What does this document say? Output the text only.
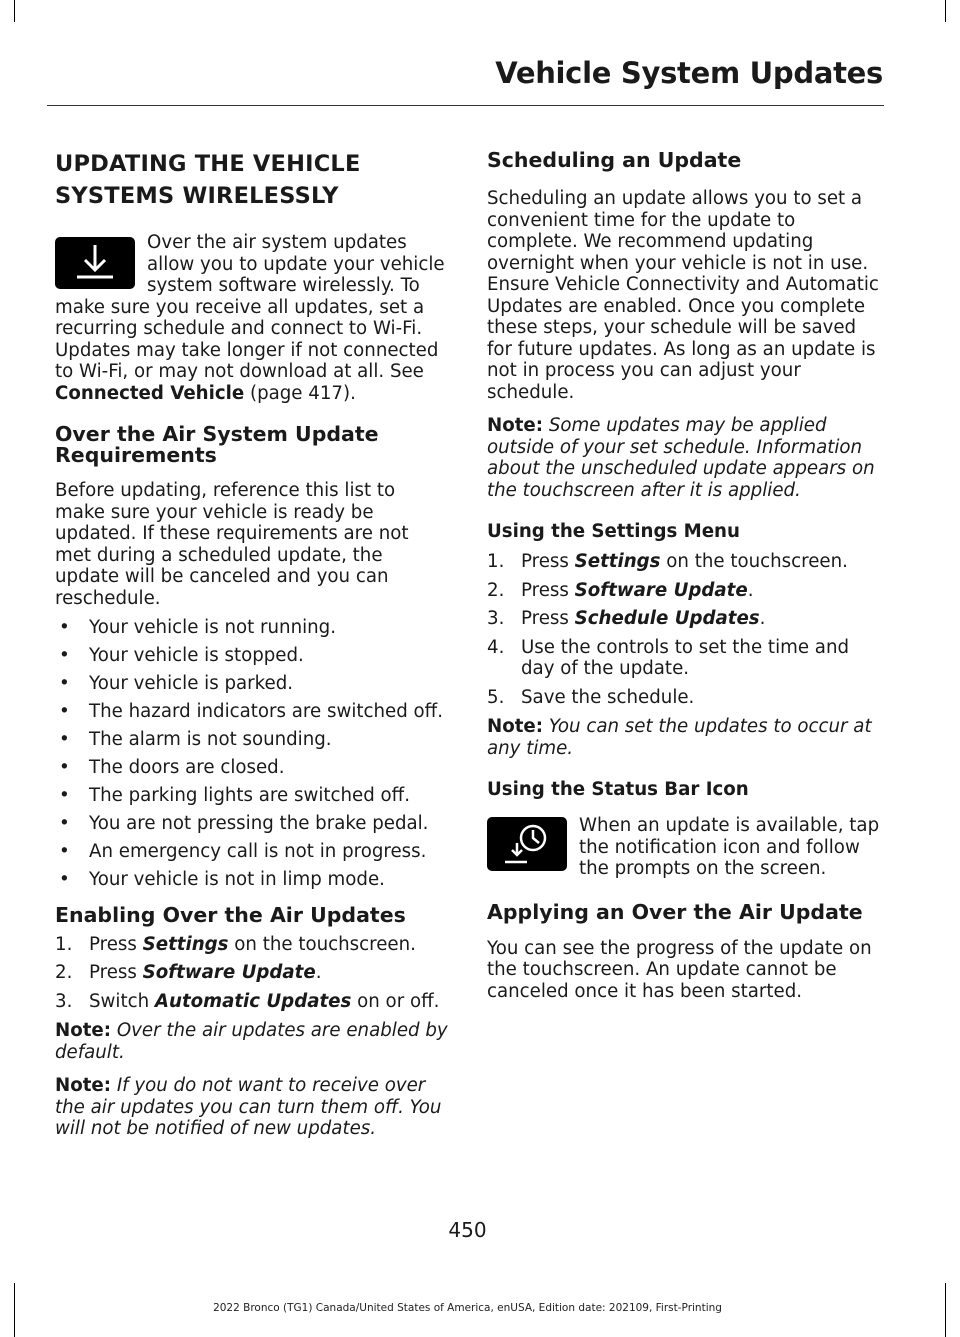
Vehicle System Updates
UPDATING THE VEHICLE
SYSTEMS WIRELESSLY

Over the air system updates allow you to update your vehicle system software wirelessly. To make sure you receive all updates, set a recurring schedule and connect to Wi-Fi. Updates may take longer if not connected to Wi-Fi, or may not download at all. See Connected Vehicle (page 417).

Over the Air System Update Requirements

Before updating, reference this list to make sure your vehicle is ready be updated. If these requirements are not met during a scheduled update, the update will be canceled and you can reschedule.

• Your vehicle is not running.
• Your vehicle is stopped.
• Your vehicle is parked.
• The hazard indicators are switched off.
• The alarm is not sounding.
• The doors are closed.
• The parking lights are switched off.
• You are not pressing the brake pedal.
• An emergency call is not in progress.
• Your vehicle is not in limp mode.
Enabling Over the Air Updates
1. Press Settings on the touchscreen.
2. Press Software Update.
3. Switch Automatic Updates on or off.

Note: Over the air updates are enabled by default.

Note: If you do not want to receive over the air updates you can turn them off. You will not be notified of new updates.

Scheduling an Update

Scheduling an update allows you to set a convenient time for the update to complete. We recommend updating overnight when your vehicle is not in use. Ensure Vehicle Connectivity and Automatic Updates are enabled. Once you complete these steps, your schedule will be saved for future updates. As long as an update is not in process you can adjust your schedule.

Note: Some updates may be applied outside of your set schedule. Information about the unscheduled update appears on the touchscreen after it is applied.

Using the Settings Menu
1. Press Settings on the touchscreen.
2. Press Software Update.
3. Press Schedule Updates.
4. Use the controls to set the time and day of the update.
5. Save the schedule.

Note: You can set the updates to occur at any time.

Using the Status Bar Icon

When an update is available, tap the notification icon and follow the prompts on the screen.

Applying an Over the Air Update

You can see the progress of the update on the touchscreen. An update cannot be canceled once it has been started.

450
2022 Bronco (TG1) Canada/United States of America, enUSA, Edition date: 202109, First-Printing
